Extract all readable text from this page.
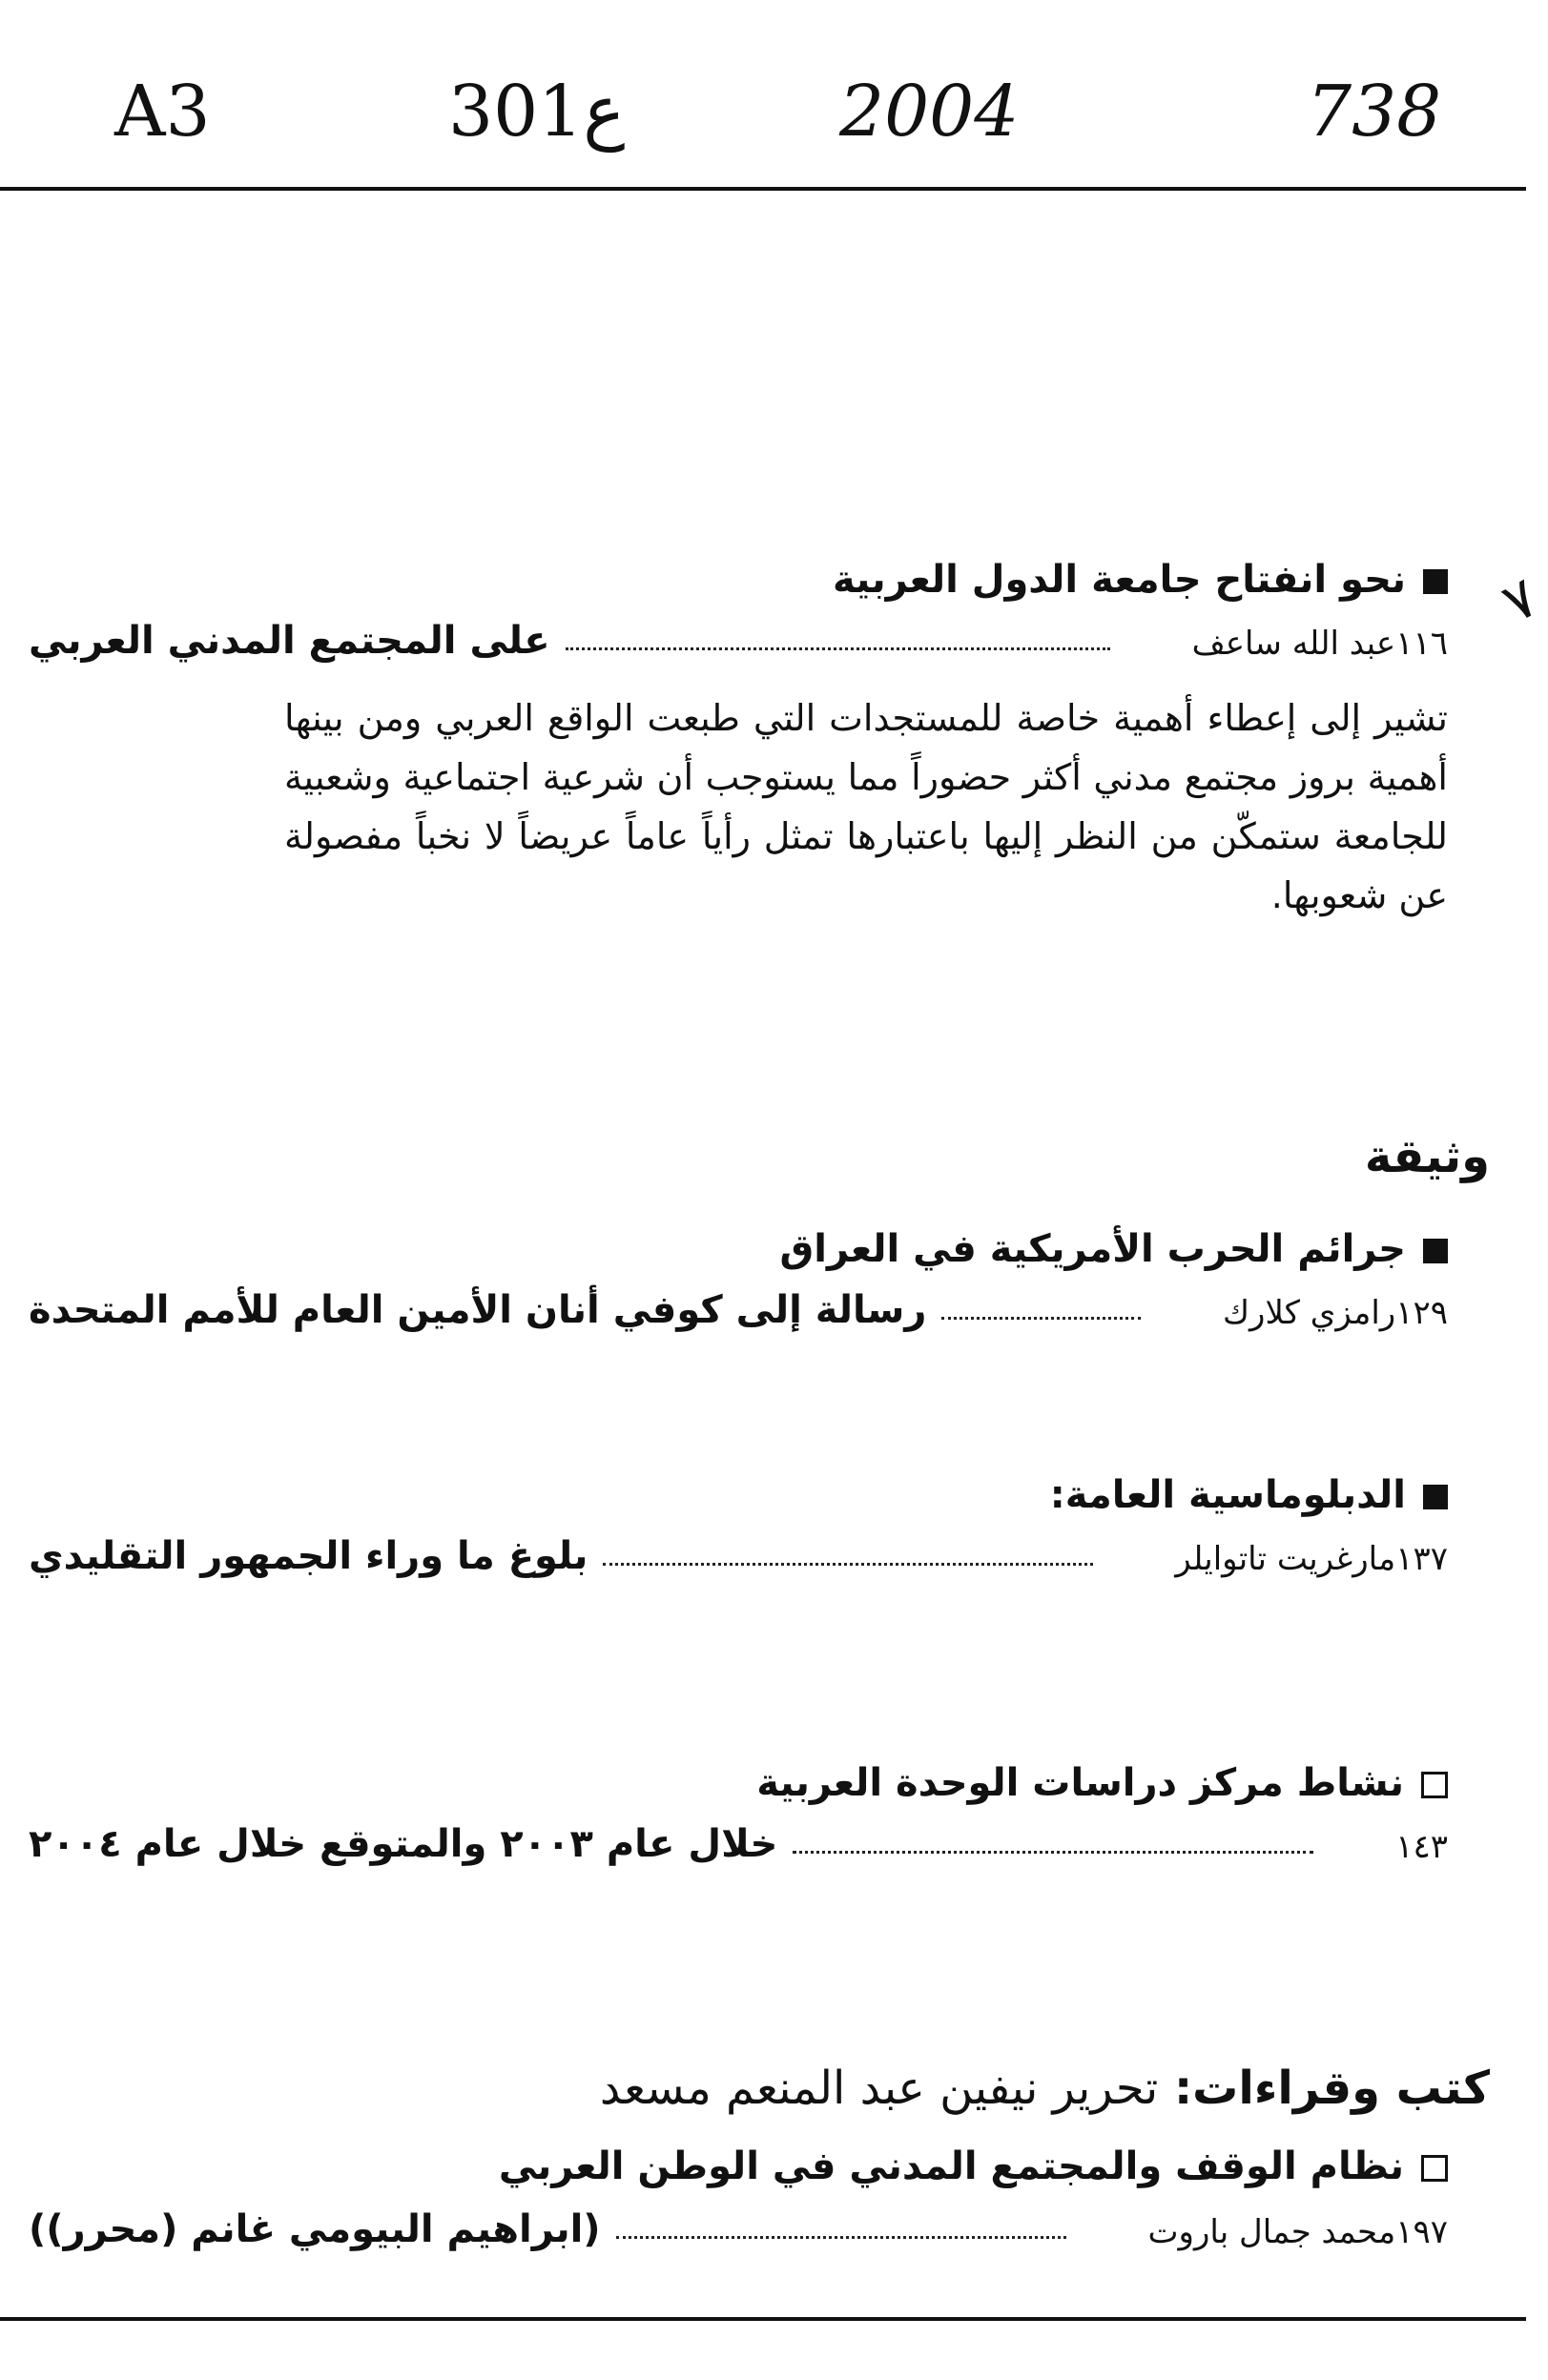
A3	301ع	2004	738
٧
نحو انفتاح جامعة الدول العربية
على المجتمع المدني العربي	عبد الله ساعف ١١٦
تشير إلى إعطاء أهمية خاصة للمستجدات التي طبعت الواقع العربي ومن بينها أهمية بروز مجتمع مدني أكثر حضوراً مما يستوجب أن شرعية اجتماعية وشعبية للجامعة ستمكّن من النظر إليها باعتبارها تمثل رأياً عاماً عريضاً لا نخباً مفصولة عن شعوبها.
وثيقة
جرائم الحرب الأمريكية في العراق
رسالة إلى كوفي أنان الأمين العام للأمم المتحدة	رامزي كلارك ١٢٩
الدبلوماسية العامة:
بلوغ ما وراء الجمهور التقليدي	مارغريت تاتوايلر ١٣٧
نشاط مركز دراسات الوحدة العربية
خلال عام ٢٠٠٣ والمتوقع خلال عام ٢٠٠٤	١٤٣
كتب وقراءات: تحرير نيفين عبد المنعم مسعد
نظام الوقف والمجتمع المدني في الوطن العربي
(ابراهيم البيومي غانم (محرر))	محمد جمال باروت ١٩٧
